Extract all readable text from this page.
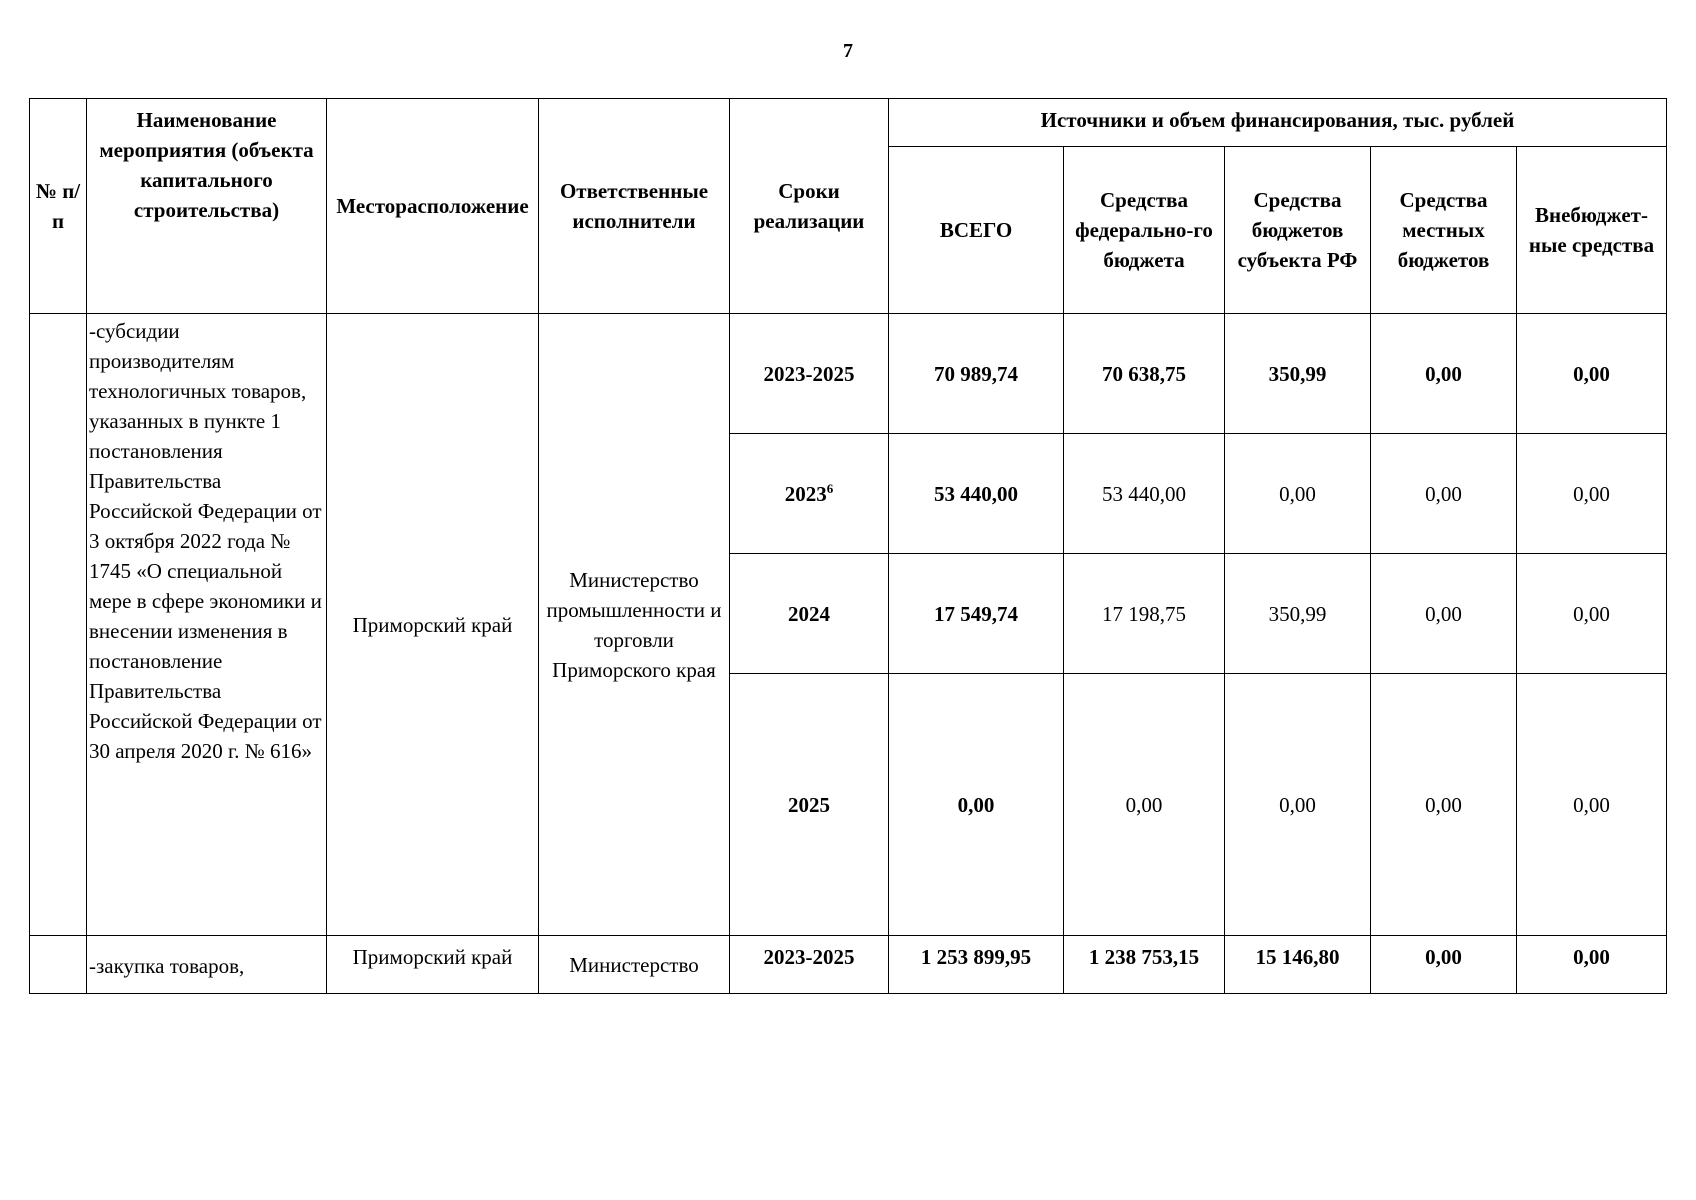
7
№ п/п	Наименование мероприятия (объекта капитального строительства)	Месторасположение	Ответственные исполнители	Сроки реализации	Источники и объем финансирования, тыс. рублей				
					ВСЕГО	Средства федерально-го бюджета	Средства бюджетов субъекта РФ	Средства местных бюджетов	Внебюджет-ные средства
	-субсидии производителям технологичных товаров, указанных в пункте 1 постановления Правительства Российской Федерации от 3 октября 2022 года № 1745 «О специальной мере в сфере экономики и внесении изменения в постановление Правительства Российской Федерации от 30 апреля 2020 г. № 616»	Приморский край	Министерство промышленности и торговли Приморского края	2023-2025	70 989,74	70 638,75	350,99	0,00	0,00
				2023$^6$	53 440,00	53 440,00	0,00	0,00	0,00
				2024	17 549,74	17 198,75	350,99	0,00	0,00
				2025	0,00	0,00	0,00	0,00	0,00
	-закупка товаров,	Приморский край	Министерство	2023-2025	1 253 899,95	1 238 753,15	15 146,80	0,00	0,00
